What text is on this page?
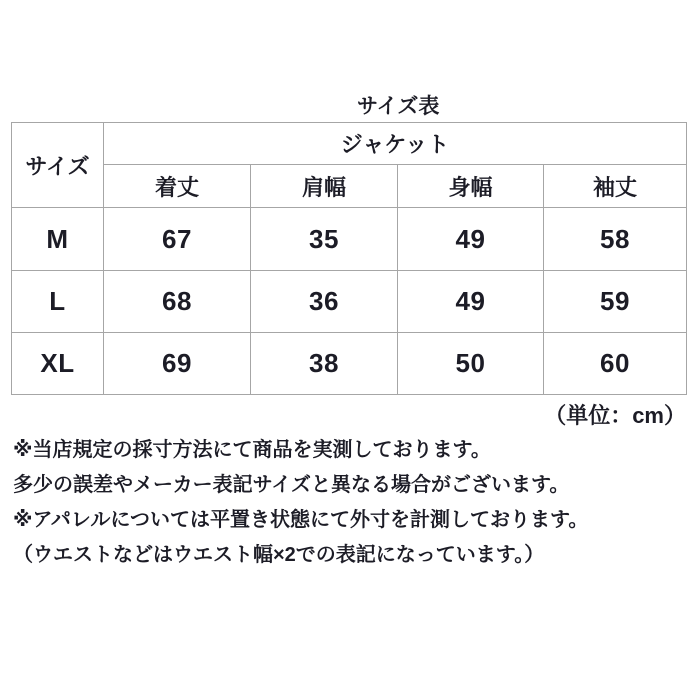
サイズ表
サイズ	ジャケット			
	着丈	肩幅	身幅	袖丈
M	67	35	49	58
L	68	36	49	59
XL	69	38	50	60
（単位：cm）
※当店規定の採寸方法にて商品を実測しております。
多少の誤差やメーカー表記サイズと異なる場合がございます。
※アパレルについては平置き状態にて外寸を計測しております。
（ウエストなどはウエスト幅×2での表記になっています。）
